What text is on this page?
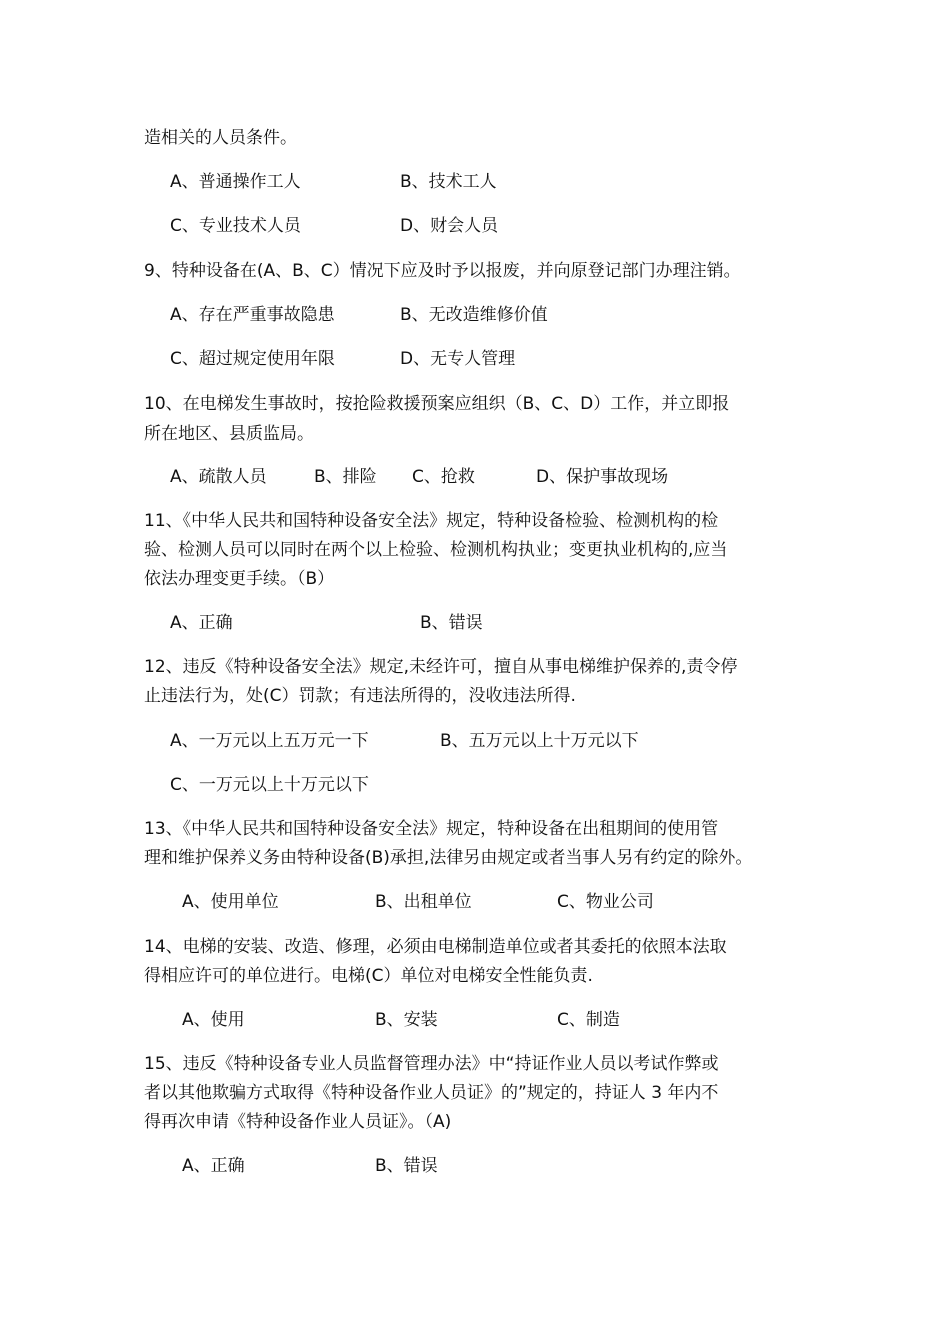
造相关的人员条件。
A、普通操作工人	B、技术工人
C、专业技术人员	D、财会人员
9、特种设备在(A、B、C）情况下应及时予以报废，并向原登记部门办理注销。
A、存在严重事故隐患	B、无改造维修价值
C、超过规定使用年限	D、无专人管理
10、在电梯发生事故时，按抢险救援预案应组织（B、C、D）工作，并立即报
所在地区、县质监局。
A、疏散人员	B、排险 C、抢救	D、保护事故现场
11、《中华人民共和国特种设备安全法》规定，特种设备检验、检测机构的检
验、检测人员可以同时在两个以上检验、检测机构执业；变更执业机构的,应当
依法办理变更手续。（B）
A、正确	B、错误
12、违反《特种设备安全法》规定,未经许可，擅自从事电梯维护保养的,责令停
止违法行为，处(C）罚款；有违法所得的，没收违法所得.
A、一万元以上五万元一下	B、五万元以上十万元以下
C、一万元以上十万元以下
13、《中华人民共和国特种设备安全法》规定，特种设备在出租期间的使用管
理和维护保养义务由特种设备(B)承担,法律另由规定或者当事人另有约定的除外。
A、使用单位	B、出租单位	C、物业公司
14、电梯的安装、改造、修理，必须由电梯制造单位或者其委托的依照本法取
得相应许可的单位进行。电梯(C）单位对电梯安全性能负责.
A、使用	B、安装	C、制造
15、违反《特种设备专业人员监督管理办法》中“持证作业人员以考试作弊或
者以其他欺骗方式取得《特种设备作业人员证》的”规定的，持证人 3 年内不
得再次申请《特种设备作业人员证》。（A)
A、正确	B、错误
